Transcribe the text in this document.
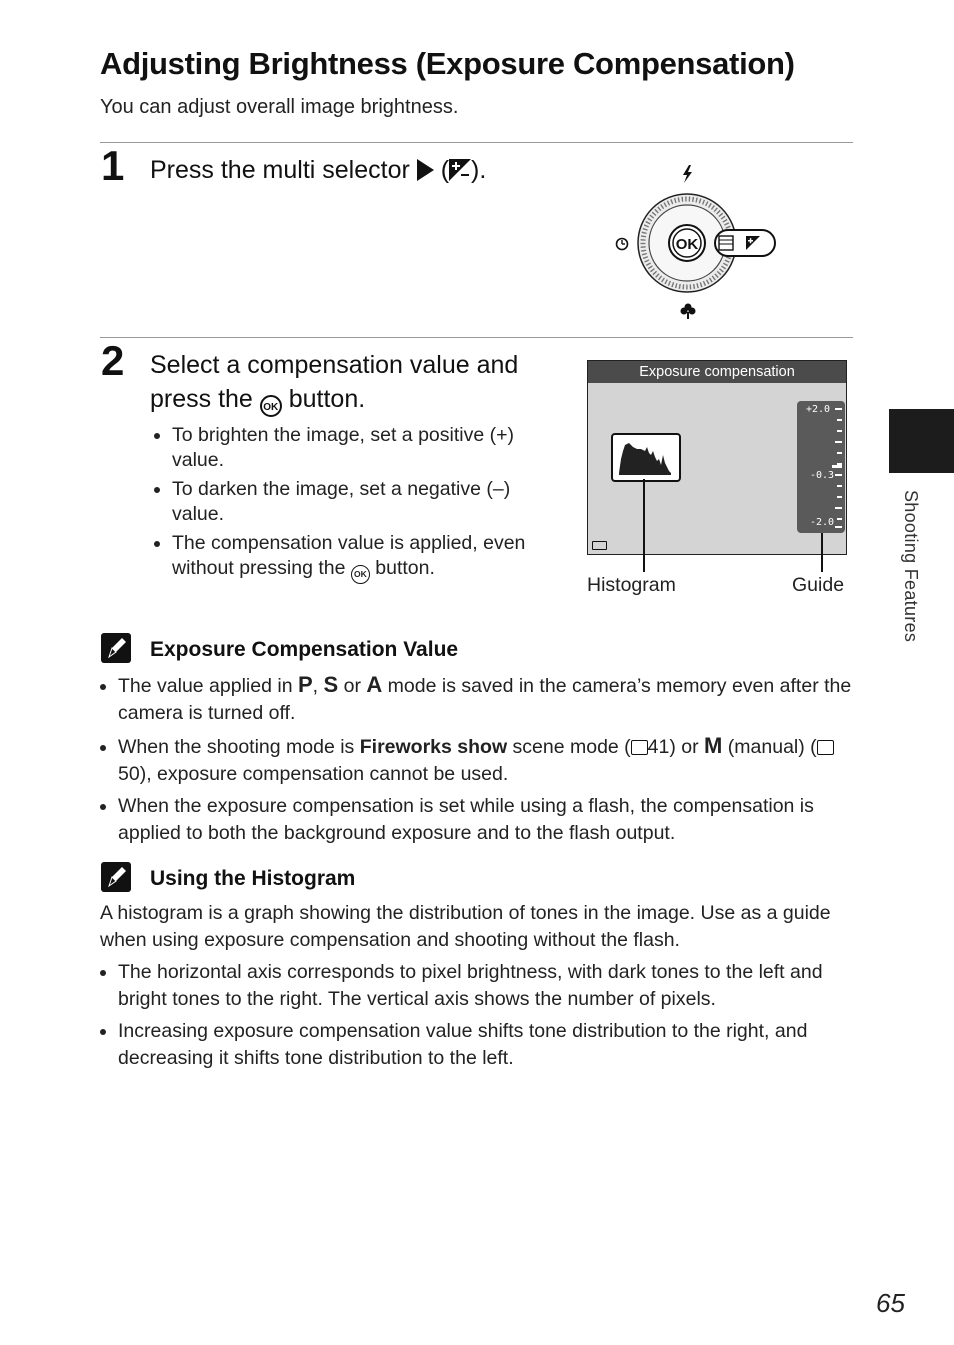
Adjusting Brightness (Exposure Compensation)
You can adjust overall image brightness.
1 Press the multi selector  ( ).
OK
2 Select a compensation value and
press the OK button.
• To brighten the image, set a positive (+) value.
• To darken the image, set a negative (–) value.
• The compensation value is applied, even without pressing the OK button.
Exposure compensation
+2.0
-0.3
-2.0
Histogram	Guide
Exposure Compensation Value
• The value applied in P, S or A mode is saved in the camera’s memory even after the camera is turned off.
• When the shooting mode is Fireworks show scene mode ( 41) or M (manual) (50), exposure compensation cannot be used.
• When the exposure compensation is set while using a flash, the compensation is applied to both the background exposure and to the flash output.
Using the Histogram
A histogram is a graph showing the distribution of tones in the image. Use as a guide when using exposure compensation and shooting without the flash.
• The horizontal axis corresponds to pixel brightness, with dark tones to the left and bright tones to the right. The vertical axis shows the number of pixels.
• Increasing exposure compensation value shifts tone distribution to the right, and decreasing it shifts tone distribution to the left.
Shooting Features
65
